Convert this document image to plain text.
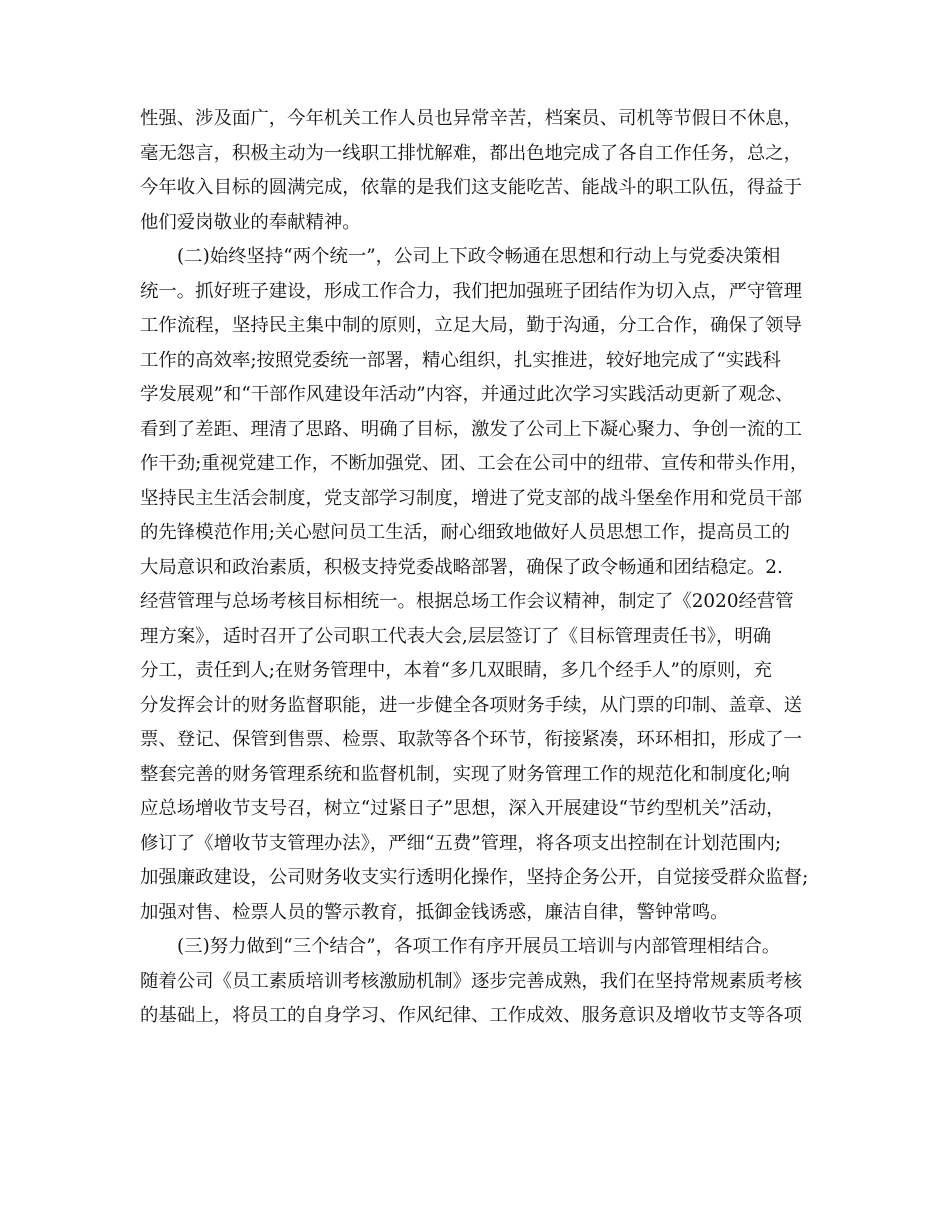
性强、涉及面广，今年机关工作人员也异常辛苦，档案员、司机等节假日不休息，
毫无怨言，积极主动为一线职工排忧解难，都出色地完成了各自工作任务，总之，
今年收入目标的圆满完成，依靠的是我们这支能吃苦、能战斗的职工队伍，得益于
他们爱岗敬业的奉献精神。
(二)始终坚持“两个统一”，公司上下政令畅通在思想和行动上与党委决策相
统一。抓好班子建设，形成工作合力，我们把加强班子团结作为切入点，严守管理
工作流程，坚持民主集中制的原则，立足大局，勤于沟通，分工合作，确保了领导
工作的高效率;按照党委统一部署，精心组织，扎实推进，较好地完成了“实践科
学发展观”和“干部作风建设年活动”内容，并通过此次学习实践活动更新了观念、
看到了差距、理清了思路、明确了目标，激发了公司上下凝心聚力、争创一流的工
作干劲;重视党建工作，不断加强党、团、工会在公司中的纽带、宣传和带头作用，
坚持民主生活会制度，党支部学习制度，增进了党支部的战斗堡垒作用和党员干部
的先锋模范作用;关心慰问员工生活，耐心细致地做好人员思想工作，提高员工的
大局意识和政治素质，积极支持党委战略部署，确保了政令畅通和团结稳定。2.
经营管理与总场考核目标相统一。根据总场工作会议精神，制定了《2020经营管
理方案》，适时召开了公司职工代表大会,层层签订了《目标管理责任书》，明确
分工，责任到人;在财务管理中，本着“多几双眼睛，多几个经手人”的原则，充
分发挥会计的财务监督职能，进一步健全各项财务手续，从门票的印制、盖章、送
票、登记、保管到售票、检票、取款等各个环节，衔接紧凑，环环相扣，形成了一
整套完善的财务管理系统和监督机制，实现了财务管理工作的规范化和制度化;响
应总场增收节支号召，树立“过紧日子”思想，深入开展建设“节约型机关”活动，
修订了《增收节支管理办法》，严细“五费”管理，将各项支出控制在计划范围内;
加强廉政建设，公司财务收支实行透明化操作，坚持企务公开，自觉接受群众监督;
加强对售、检票人员的警示教育，抵御金钱诱惑，廉洁自律，警钟常鸣。
(三)努力做到“三个结合”，各项工作有序开展员工培训与内部管理相结合。
随着公司《员工素质培训考核激励机制》逐步完善成熟，我们在坚持常规素质考核
的基础上，将员工的自身学习、作风纪律、工作成效、服务意识及增收节支等各项
